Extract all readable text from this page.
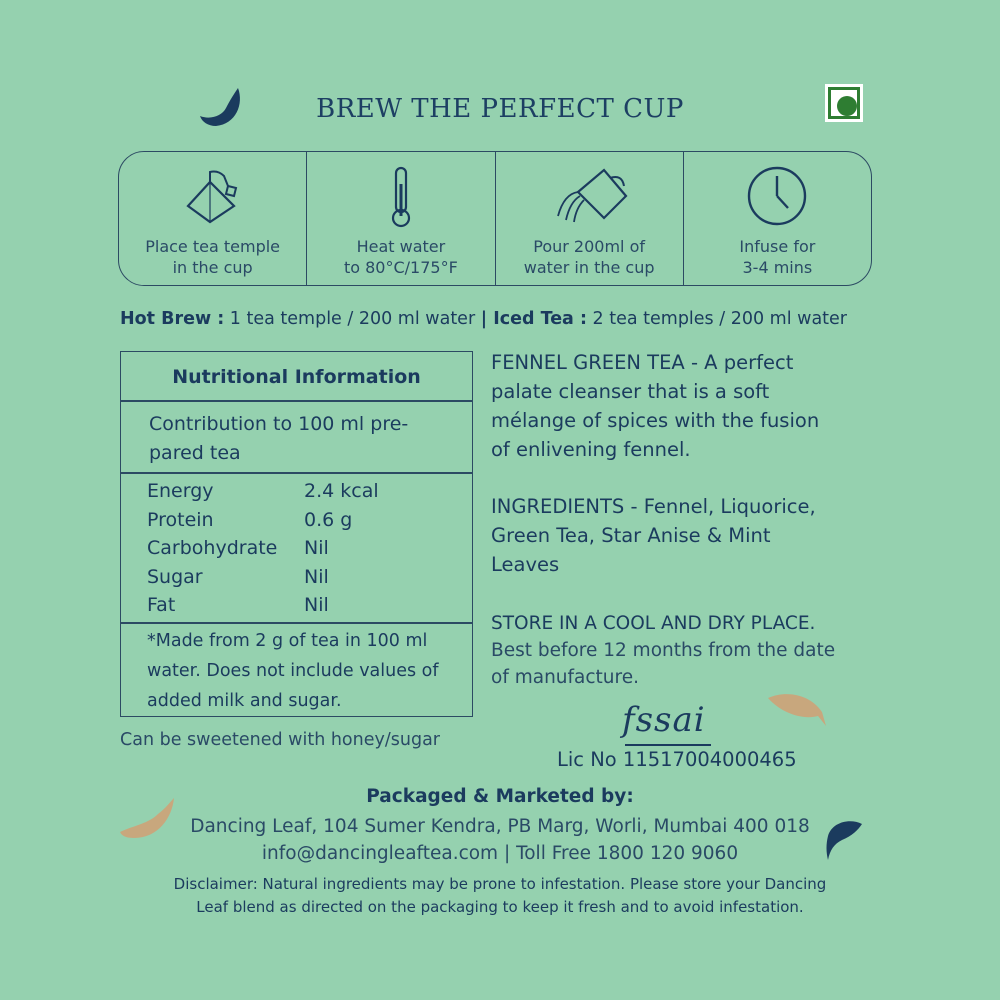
BREW THE PERFECT CUP
Place tea temple
in the cup
Heat water
to 80°C/175°F
Pour 200ml of
water in the cup
Infuse for
3-4 mins
Hot Brew : 1 tea temple / 200 ml water | Iced Tea : 2 tea temples / 200 ml water
Nutritional Information
Contribution to 100 ml pre-
pared tea
Energy	2.4 kcal
Protein	0.6 g
Carbohydrate	Nil
Sugar	Nil
Fat	Nil
*Made from 2 g of tea in 100 ml
water. Does not include values of
added milk and sugar.
Can be sweetened with honey/sugar

FENNEL GREEN TEA - A perfect
palate cleanser that is a soft
mélange of spices with the fusion
of enlivening fennel.

INGREDIENTS - Fennel, Liquorice,
Green Tea, Star Anise & Mint
Leaves

STORE IN A COOL AND DRY PLACE.
Best before 12 months from the date
of manufacture.
fssai
Lic No 11517004000465
Packaged & Marketed by:
Dancing Leaf, 104 Sumer Kendra, PB Marg, Worli, Mumbai 400 018
info@dancingleaftea.com | Toll Free 1800 120 9060
Disclaimer: Natural ingredients may be prone to infestation. Please store your Dancing
Leaf blend as directed on the packaging to keep it fresh and to avoid infestation.
